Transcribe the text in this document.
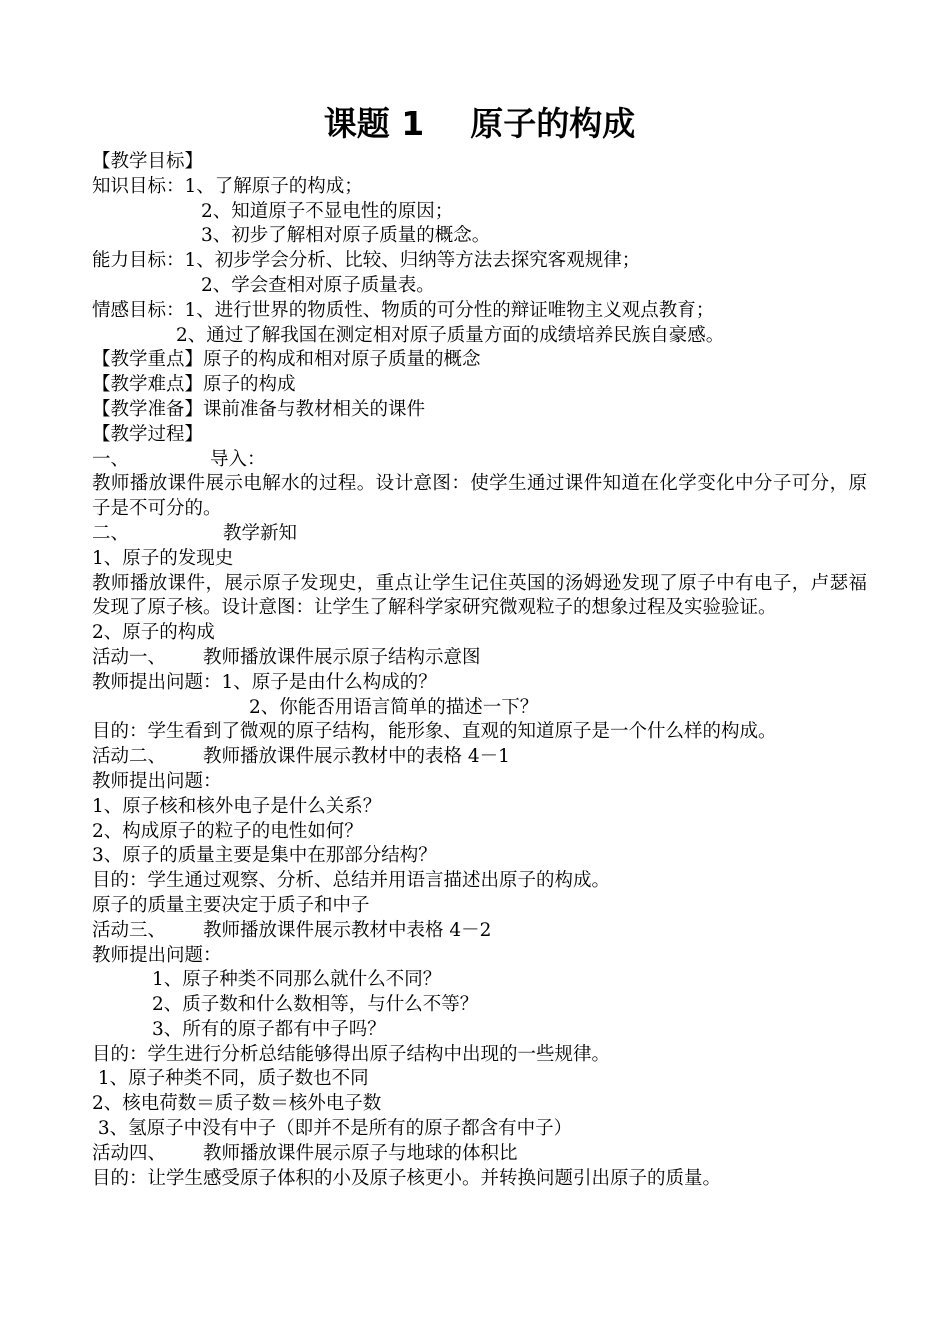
课题 1    原子的构成
【教学目标】
知识目标：1、了解原子的构成；
2、知道原子不显电性的原因；
3、初步了解相对原子质量的概念。
能力目标：1、初步学会分析、比较、归纳等方法去探究客观规律；
2、学会查相对原子质量表。
情感目标：1、进行世界的物质性、物质的可分性的辩证唯物主义观点教育；
2、通过了解我国在测定相对原子质量方面的成绩培养民族自豪感。
【教学重点】原子的构成和相对原子质量的概念
【教学难点】原子的构成
【教学准备】课前准备与教材相关的课件
【教学过程】
一、	导入：
教师播放课件展示电解水的过程。设计意图：使学生通过课件知道在化学变化中分子可分，原子是不可分的。
二、	教学新知
1、原子的发现史
教师播放课件，展示原子发现史，重点让学生记住英国的汤姆逊发现了原子中有电子，卢瑟福发现了原子核。设计意图：让学生了解科学家研究微观粒子的想象过程及实验验证。
2、原子的构成
活动一、 教师播放课件展示原子结构示意图
教师提出问题：1、原子是由什么构成的？
2、你能否用语言简单的描述一下？
目的：学生看到了微观的原子结构，能形象、直观的知道原子是一个什么样的构成。
活动二、 教师播放课件展示教材中的表格 4－1
教师提出问题：
1、原子核和核外电子是什么关系？
2、构成原子的粒子的电性如何？
3、原子的质量主要是集中在那部分结构？
目的：学生通过观察、分析、总结并用语言描述出原子的构成。
原子的质量主要决定于质子和中子
活动三、 教师播放课件展示教材中表格 4－2
教师提出问题：
1、原子种类不同那么就什么不同？
2、质子数和什么数相等，与什么不等？
3、所有的原子都有中子吗？
目的：学生进行分析总结能够得出原子结构中出现的一些规律。
1、原子种类不同，质子数也不同
2、核电荷数＝质子数＝核外电子数
3、氢原子中没有中子（即并不是所有的原子都含有中子）
活动四、 教师播放课件展示原子与地球的体积比
目的：让学生感受原子体积的小及原子核更小。并转换问题引出原子的质量。
